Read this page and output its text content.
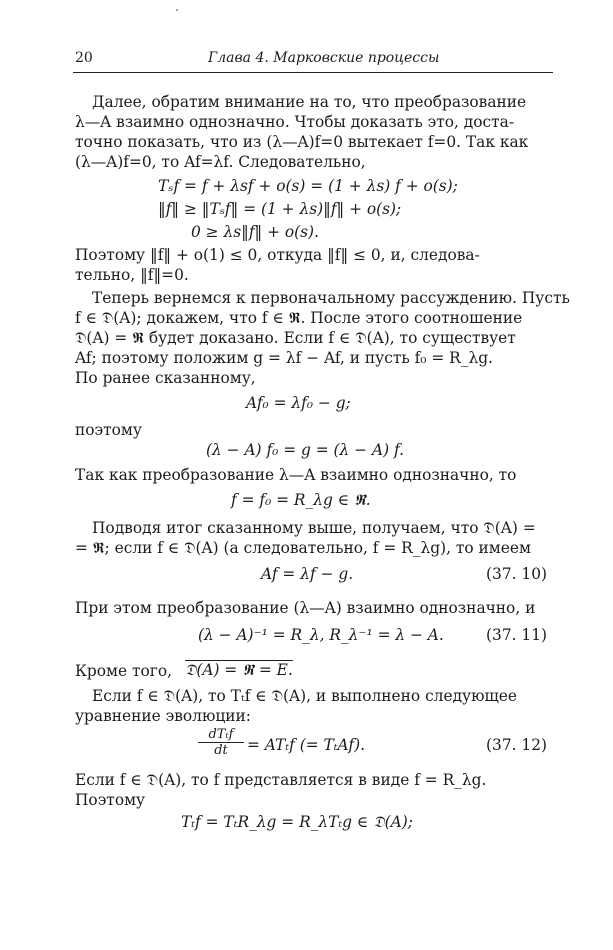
20	Глава 4. Марковские процессы
Далее, обратим внимание на то, что преобразование
λ—A взаимно однозначно. Чтобы доказать это, доста-
точно показать, что из (λ—A)f=0 вытекает f=0. Так как
(λ—A)f=0, то Af=λf. Следовательно,
Tₛf = f + λsf + o(s) = (1 + λs) f + o(s);
‖f‖ ≥ ‖Tₛf‖ = (1 + λs)‖f‖ + o(s);
0 ≥ λs‖f‖ + o(s).
Поэтому ‖f‖ + o(1) ≤ 0, откуда ‖f‖ ≤ 0, и, следова-
тельно, ‖f‖=0.
Теперь вернемся к первоначальному рассуждению. Пусть
f ∈ 𝔇(A); докажем, что f ∈ 𝕽. После этого соотношение
𝔇(A) = 𝕽 будет доказано. Если f ∈ 𝔇(A), то существует
Af; поэтому положим g = λf − Af, и пусть f₀ = R_λg.
По ранее сказанному,
Af₀ = λf₀ − g;
поэтому
(λ − A) f₀ = g = (λ − A) f.
Так как преобразование λ—A взаимно однозначно, то
f = f₀ = R_λg ∈ 𝕽.
Подводя итог сказанному выше, получаем, что 𝔇(A) =
= 𝕽; если f ∈ 𝔇(A) (а следовательно, f = R_λg), то имеем
Af = λf − g.	(37. 10)
При этом преобразование (λ—A) взаимно однозначно, и
(λ − A)⁻¹ = R_λ, R_λ⁻¹ = λ − A.	(37. 11)
Кроме того, 𝔇(A) = 𝕽 = E.
Если f ∈ 𝔇(A), то Tₜf ∈ 𝔇(A), и выполнено следующее
уравнение эволюции:
dTₜf
dt	= ATₜf (= TₜAf).	(37. 12)
Если f ∈ 𝔇(A), то f представляется в виде f = R_λg.
Поэтому
Tₜf = TₜR_λg = R_λTₜg ∈ 𝔇(A);
